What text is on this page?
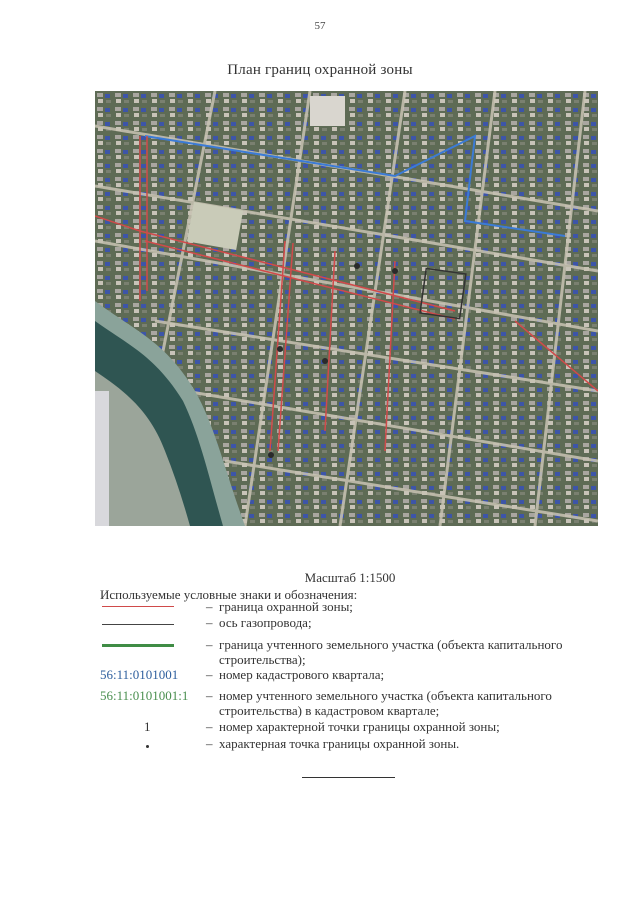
57
План границ охранной зоны
Масштаб 1:1500
Используемые условные знаки и обозначения:
– граница охранной зоны;
– ось газопровода;
– граница учтенного земельного участка (объекта капитального строительства);
56:11:0101001	– номер кадастрового квартала;
56:11:0101001:1	– номер учтенного земельного участка (объекта капитального строительства) в кадастровом квартале;
1	– номер характерной точки границы охранной зоны;
– характерная точка границы охранной зоны.
